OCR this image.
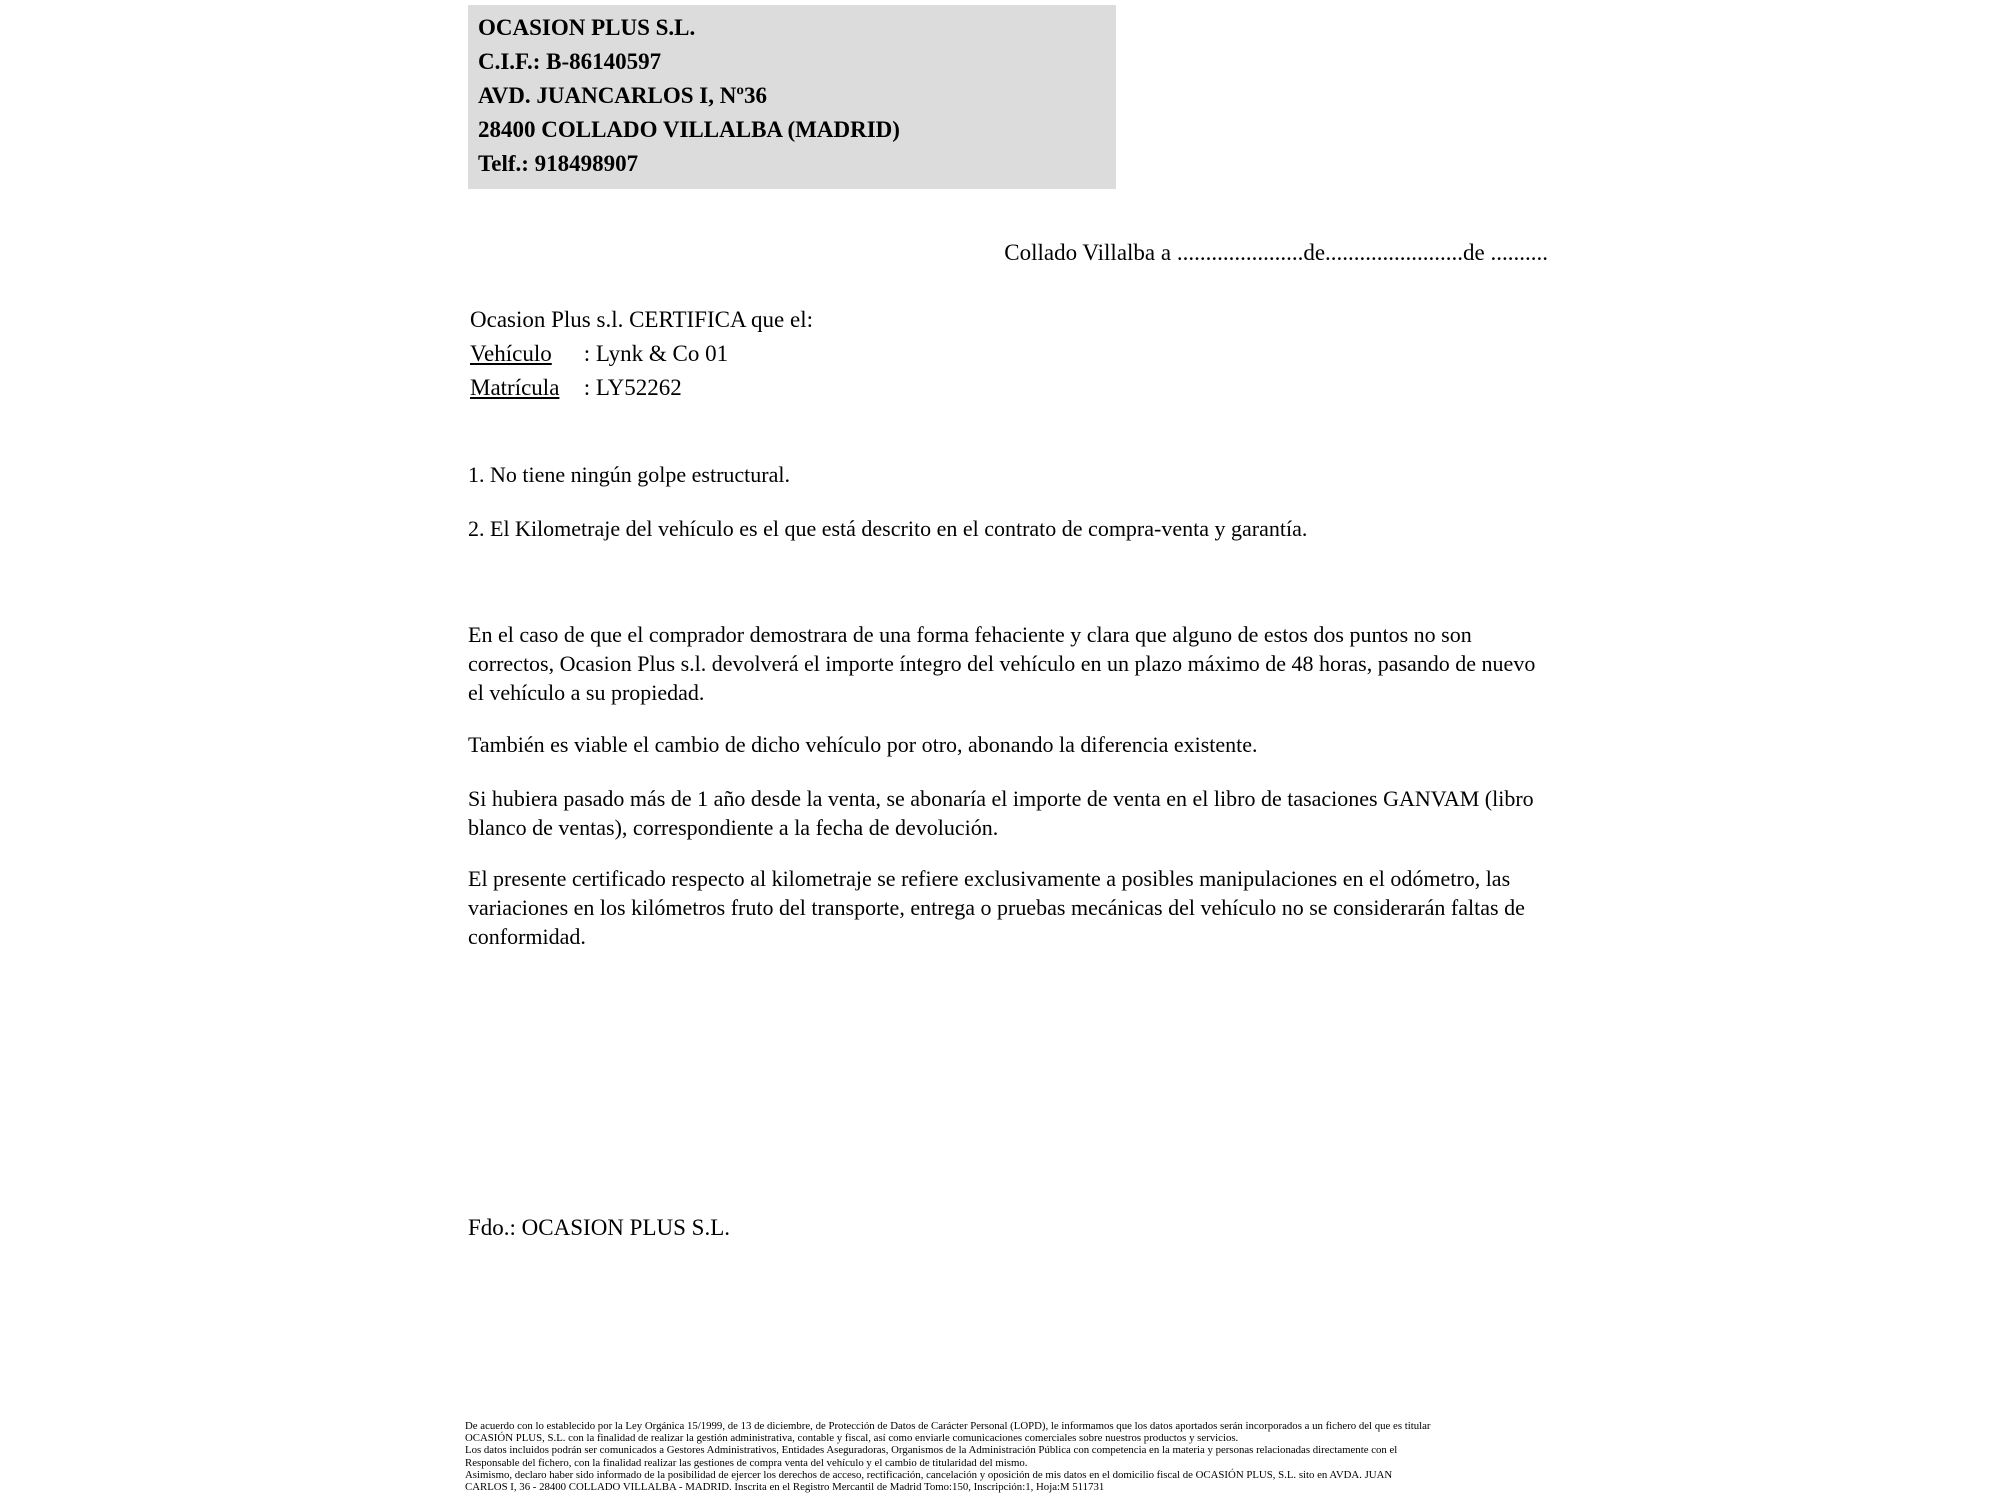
OCASION PLUS S.L.
C.I.F.: B-86140597
AVD. JUANCARLOS I, Nº36
28400 COLLADO VILLALBA (MADRID)
Telf.: 918498907
Collado Villalba a ......................de........................de ..........
Ocasion Plus s.l. CERTIFICA que el:
Vehículo : Lynk & Co 01
Matrícula : LY52262
1. No tiene ningún golpe estructural.
2. El Kilometraje del vehículo es el que está descrito en el contrato de compra-venta y garantía.
En el caso de que el comprador demostrara de una forma fehaciente y clara que alguno de estos dos puntos no son correctos, Ocasion Plus s.l. devolverá el importe íntegro del vehículo en un plazo máximo de 48 horas, pasando de nuevo el vehículo a su propiedad.
También es viable el cambio de dicho vehículo por otro, abonando la diferencia existente.
Si hubiera pasado más de 1 año desde la venta, se abonaría el importe de venta en el libro de tasaciones GANVAM (libro blanco de ventas), correspondiente a la fecha de devolución.
El presente certificado respecto al kilometraje se refiere exclusivamente a posibles manipulaciones en el odómetro, las variaciones en los kilómetros fruto del transporte, entrega o pruebas mecánicas del vehículo no se considerarán faltas de conformidad.
Fdo.: OCASION PLUS S.L.
De acuerdo con lo establecido por la Ley Orgánica 15/1999, de 13 de diciembre, de Protección de Datos de Carácter Personal (LOPD), le informamos que los datos aportados serán incorporados a un fichero del que es titular
OCASIÓN PLUS, S.L. con la finalidad de realizar la gestión administrativa, contable y fiscal, así como enviarle comunicaciones comerciales sobre nuestros productos y servicios.
Los datos incluidos podrán ser comunicados a Gestores Administrativos, Entidades Aseguradoras, Organismos de la Administración Pública con competencia en la materia y personas relacionadas directamente con el
Responsable del fichero, con la finalidad realizar las gestiones de compra venta del vehículo y el cambio de titularidad del mismo.
Asimismo, declaro haber sido informado de la posibilidad de ejercer los derechos de acceso, rectificación, cancelación y oposición de mis datos en el domicilio fiscal de OCASIÓN PLUS, S.L. sito en AVDA. JUAN
CARLOS I, 36 - 28400 COLLADO VILLALBA - MADRID. Inscrita en el Registro Mercantil de Madrid Tomo:150, Inscripción:1, Hoja:M 511731
